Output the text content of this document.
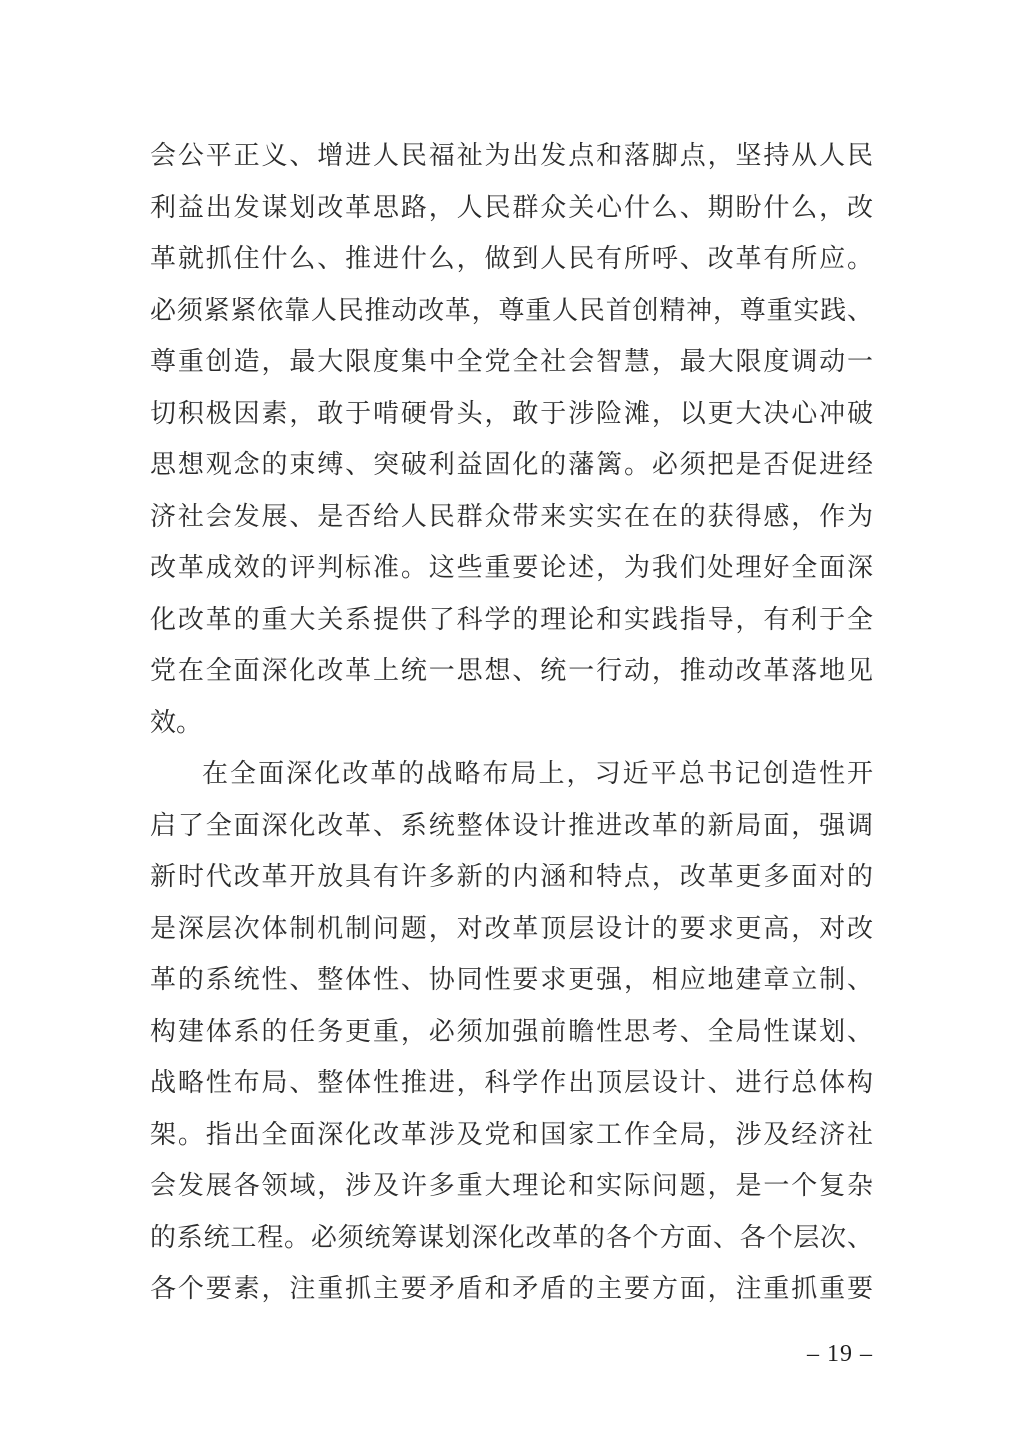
会公平正义、增进人民福祉为出发点和落脚点，坚持从人民
利益出发谋划改革思路，人民群众关心什么、期盼什么，改
革就抓住什么、推进什么，做到人民有所呼、改革有所应。
必须紧紧依靠人民推动改革，尊重人民首创精神，尊重实践、
尊重创造，最大限度集中全党全社会智慧，最大限度调动一
切积极因素，敢于啃硬骨头，敢于涉险滩，以更大决心冲破
思想观念的束缚、突破利益固化的藩篱。必须把是否促进经
济社会发展、是否给人民群众带来实实在在的获得感，作为
改革成效的评判标准。这些重要论述，为我们处理好全面深
化改革的重大关系提供了科学的理论和实践指导，有利于全
党在全面深化改革上统一思想、统一行动，推动改革落地见
效。
在全面深化改革的战略布局上，习近平总书记创造性开
启了全面深化改革、系统整体设计推进改革的新局面，强调
新时代改革开放具有许多新的内涵和特点，改革更多面对的
是深层次体制机制问题，对改革顶层设计的要求更高，对改
革的系统性、整体性、协同性要求更强，相应地建章立制、
构建体系的任务更重，必须加强前瞻性思考、全局性谋划、
战略性布局、整体性推进，科学作出顶层设计、进行总体构
架。指出全面深化改革涉及党和国家工作全局，涉及经济社
会发展各领域，涉及许多重大理论和实际问题，是一个复杂
的系统工程。必须统筹谋划深化改革的各个方面、各个层次、
各个要素，注重抓主要矛盾和矛盾的主要方面，注重抓重要
– 19 –
